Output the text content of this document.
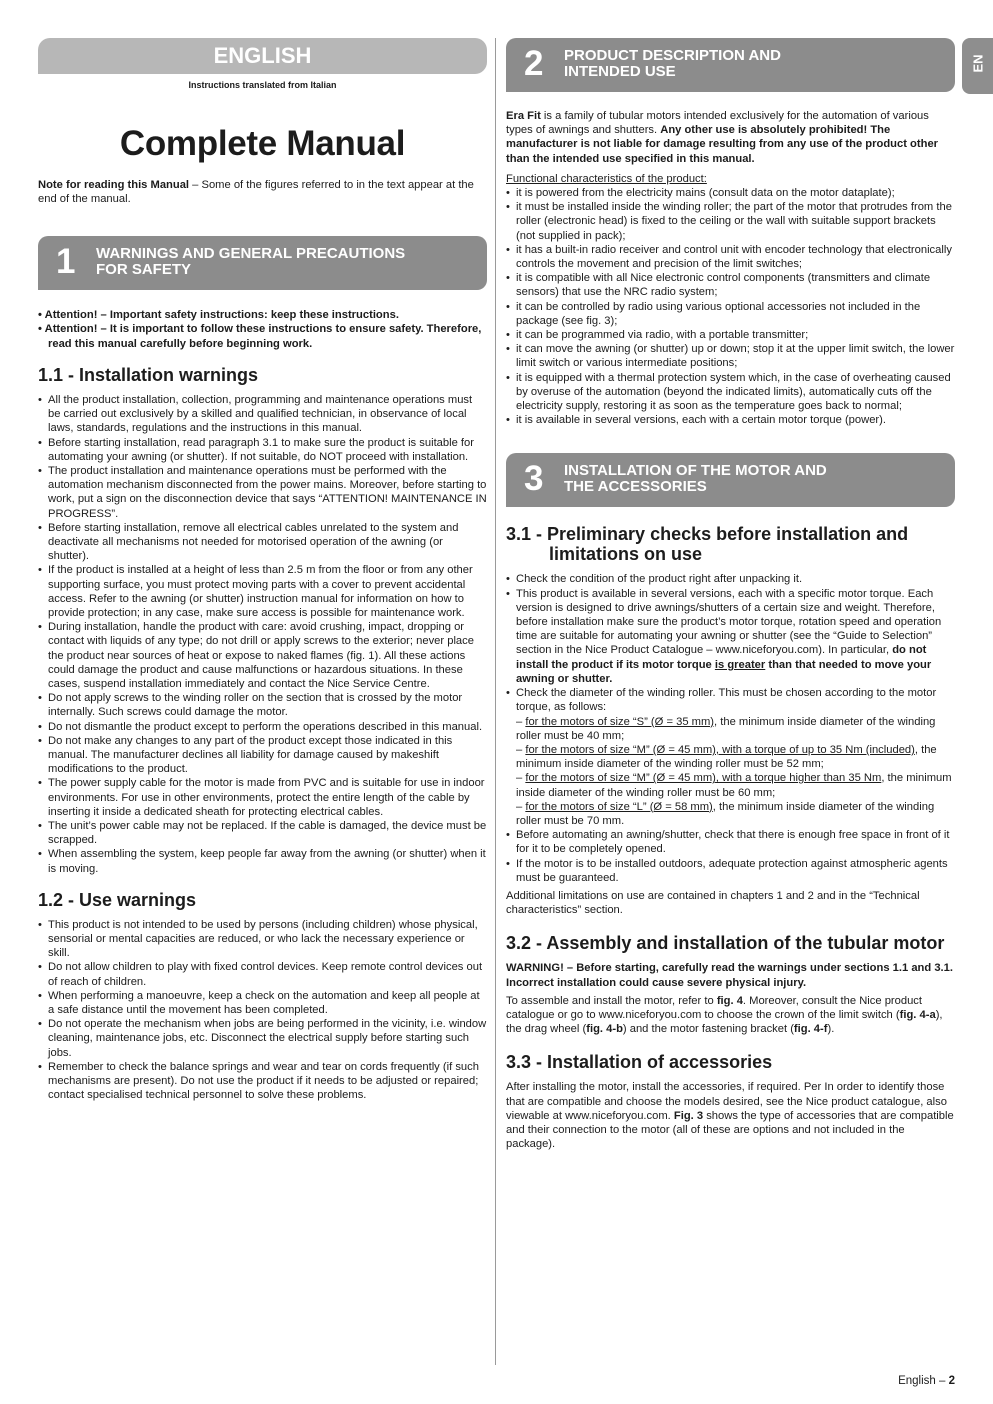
EN
ENGLISH
Instructions translated from Italian
Complete Manual

Note for reading this Manual – Some of the figures referred to in the text appear at the end of the manual.

1 WARNINGS AND GENERAL PRECAUTIONS
FOR SAFETY

• Attention! – Important safety instructions: keep these instructions.

• Attention! – It is important to follow these instructions to ensure safety. Therefore, read this manual carefully before beginning work.

1.1 - Installation warnings
• All the product installation, collection, programming and maintenance operations must be carried out exclusively by a skilled and qualified technician, in observance of local laws, standards, regulations and the instructions in this manual.
• Before starting installation, read paragraph 3.1 to make sure the product is suitable for automating your awning (or shutter). If not suitable, do NOT proceed with installation.
• The product installation and maintenance operations must be performed with the automation mechanism disconnected from the power mains. Moreover, before starting to work, put a sign on the disconnection device that says “ATTENTION! MAINTENANCE IN PROGRESS”.
• Before starting installation, remove all electrical cables unrelated to the system and deactivate all mechanisms not needed for motorised operation of the awning (or shutter).
• If the product is installed at a height of less than 2.5 m from the floor or from any other supporting surface, you must protect moving parts with a cover to prevent accidental access. Refer to the awning (or shutter) instruction manual for information on how to provide protection; in any case, make sure access is possible for maintenance work.
• During installation, handle the product with care: avoid crushing, impact, dropping or contact with liquids of any type; do not drill or apply screws to the exterior; never place the product near sources of heat or expose to naked flames (fig. 1). All these actions could damage the product and cause malfunctions or hazardous situations. In these cases, suspend installation immediately and contact the Nice Service Centre.
• Do not apply screws to the winding roller on the section that is crossed by the motor internally. Such screws could damage the motor.
• Do not dismantle the product except to perform the operations described in this manual.
• Do not make any changes to any part of the product except those indicated in this manual. The manufacturer declines all liability for damage caused by makeshift modifications to the product.
• The power supply cable for the motor is made from PVC and is suitable for use in indoor environments. For use in other environments, protect the entire length of the cable by inserting it inside a dedicated sheath for protecting electrical cables.
• The unit’s power cable may not be replaced. If the cable is damaged, the device must be scrapped.
• When assembling the system, keep people far away from the awning (or shutter) when it is moving.
1.2 - Use warnings
• This product is not intended to be used by persons (including children) whose physical, sensorial or mental capacities are reduced, or who lack the necessary experience or skill.
• Do not allow children to play with fixed control devices. Keep remote control devices out of reach of children.
• When performing a manoeuvre, keep a check on the automation and keep all people at a safe distance until the movement has been completed.
• Do not operate the mechanism when jobs are being performed in the vicinity, i.e. window cleaning, maintenance jobs, etc. Disconnect the electrical supply before starting such jobs.
• Remember to check the balance springs and wear and tear on cords frequently (if such mechanisms are present). Do not use the product if it needs to be adjusted or repaired; contact specialised technical personnel to solve these problems.
2 PRODUCT DESCRIPTION AND
INTENDED USE

Era Fit is a family of tubular motors intended exclusively for the automation of various types of awnings and shutters. Any other use is absolutely prohibited! The manufacturer is not liable for damage resulting from any use of the product other than the intended use specified in this manual.

Functional characteristics of the product:

• it is powered from the electricity mains (consult data on the motor dataplate);
• it must be installed inside the winding roller; the part of the motor that protrudes from the roller (electronic head) is fixed to the ceiling or the wall with suitable support brackets (not supplied in pack);
• it has a built-in radio receiver and control unit with encoder technology that electronically controls the movement and precision of the limit switches;
• it is compatible with all Nice electronic control components (transmitters and climate sensors) that use the NRC radio system;
• it can be controlled by radio using various optional accessories not included in the package (see fig. 3);
• it can be programmed via radio, with a portable transmitter;
• it can move the awning (or shutter) up or down; stop it at the upper limit switch, the lower limit switch or various intermediate positions;
• it is equipped with a thermal protection system which, in the case of overheating caused by overuse of the automation (beyond the indicated limits), automatically cuts off the electricity supply, restoring it as soon as the temperature goes back to normal;
• it is available in several versions, each with a certain motor torque (power).
3 INSTALLATION OF THE MOTOR AND
THE ACCESSORIES
3.1 - Preliminary checks before installation and
limitations on use
• Check the condition of the product right after unpacking it.
• This product is available in several versions, each with a specific motor torque. Each version is designed to drive awnings/shutters of a certain size and weight. Therefore, before installation make sure the product’s motor torque, rotation speed and operation time are suitable for automating your awning or shutter (see the “Guide to Selection” section in the Nice Product Catalogue – www.niceforyou.com). In particular, do not install the product if its motor torque is greater than that needed to move your awning or shutter.
• Check the diameter of the winding roller. This must be chosen according to the motor torque, as follows:
– for the motors of size “S” (Ø = 35 mm), the minimum inside diameter of the winding roller must be 40 mm;
– for the motors of size “M” (Ø = 45 mm), with a torque of up to 35 Nm (included), the minimum inside diameter of the winding roller must be 52 mm;
– for the motors of size “M” (Ø = 45 mm), with a torque higher than 35 Nm, the minimum inside diameter of the winding roller must be 60 mm;
– for the motors of size “L” (Ø = 58 mm), the minimum inside diameter of the winding roller must be 70 mm.
• Before automating an awning/shutter, check that there is enough free space in front of it for it to be completely opened.
• If the motor is to be installed outdoors, adequate protection against atmospheric agents must be guaranteed.

Additional limitations on use are contained in chapters 1 and 2 and in the “Technical characteristics” section.

3.2 - Assembly and installation of the tubular motor

WARNING! – Before starting, carefully read the warnings under sections 1.1 and 3.1. Incorrect installation could cause severe physical injury.

To assemble and install the motor, refer to fig. 4. Moreover, consult the Nice product catalogue or go to www.niceforyou.com to choose the crown of the limit switch (fig. 4-a), the drag wheel (fig. 4-b) and the motor fastening bracket (fig. 4-f).

3.3 - Installation of accessories

After installing the motor, install the accessories, if required. Per In order to identify those that are compatible and choose the models desired, see the Nice product catalogue, also viewable at www.niceforyou.com. Fig. 3 shows the type of accessories that are compatible and their connection to the motor (all of these are options and not included in the package).

English – 2
